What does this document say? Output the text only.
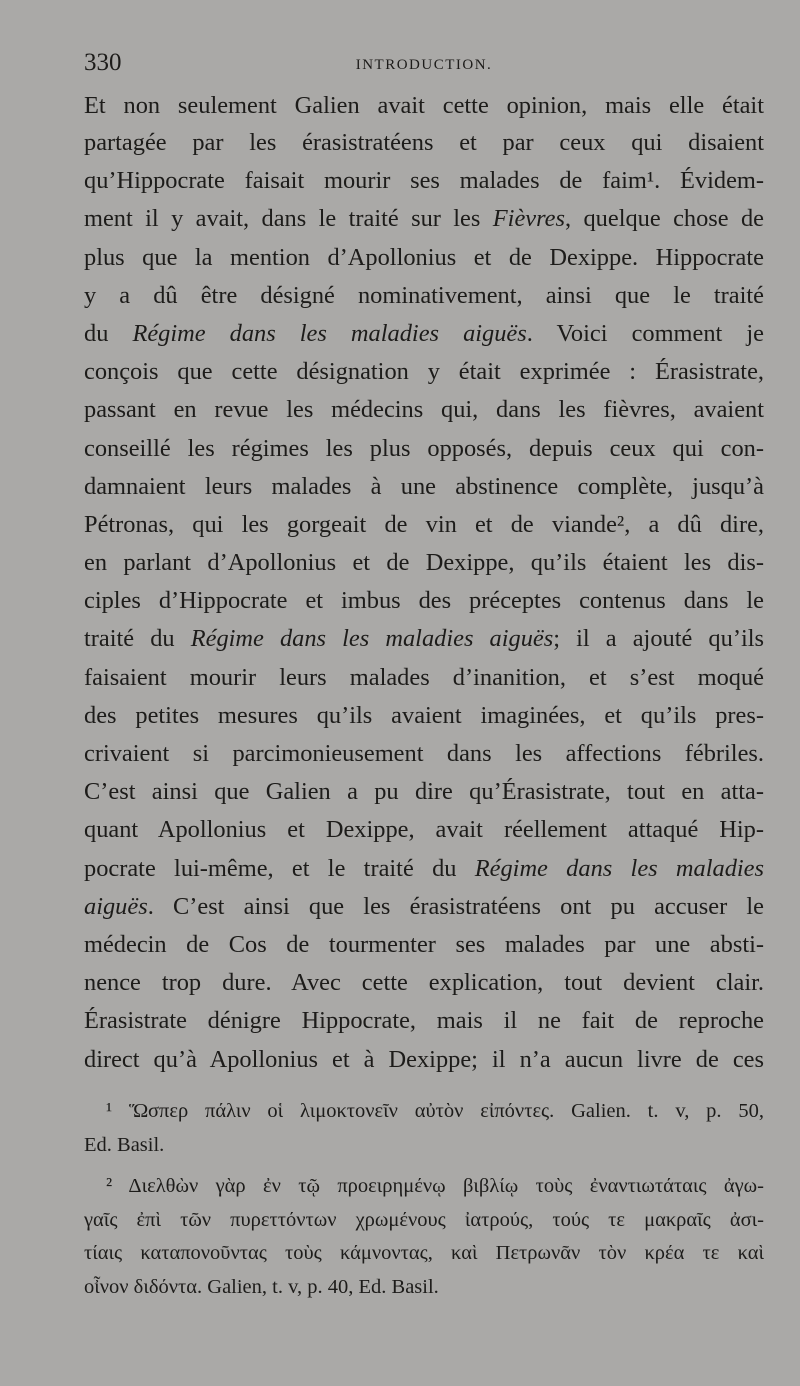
330	INTRODUCTION.
Et non seulement Galien avait cette opinion, mais elle était
partagée par les érasistratéens et par ceux qui disaient
qu’Hippocrate faisait mourir ses malades de faim¹. Évidem-
ment il y avait, dans le traité sur les Fièvres, quelque chose de
plus que la mention d’Apollonius et de Dexippe. Hippocrate
y a dû être désigné nominativement, ainsi que le traité
du Régime dans les maladies aiguës. Voici comment je
conçois que cette désignation y était exprimée : Érasistrate,
passant en revue les médecins qui, dans les fièvres, avaient
conseillé les régimes les plus opposés, depuis ceux qui con-
damnaient leurs malades à une abstinence complète, jusqu’à
Pétronas, qui les gorgeait de vin et de viande², a dû dire,
en parlant d’Apollonius et de Dexippe, qu’ils étaient les dis-
ciples d’Hippocrate et imbus des préceptes contenus dans le
traité du Régime dans les maladies aiguës; il a ajouté qu’ils
faisaient mourir leurs malades d’inanition, et s’est moqué
des petites mesures qu’ils avaient imaginées, et qu’ils pres-
crivaient si parcimonieusement dans les affections fébriles.
C’est ainsi que Galien a pu dire qu’Érasistrate, tout en atta-
quant Apollonius et Dexippe, avait réellement attaqué Hip-
pocrate lui-même, et le traité du Régime dans les maladies
aiguës. C’est ainsi que les érasistratéens ont pu accuser le
médecin de Cos de tourmenter ses malades par une absti-
nence trop dure. Avec cette explication, tout devient clair.
Érasistrate dénigre Hippocrate, mais il ne fait de reproche
direct qu’à Apollonius et à Dexippe; il n’a aucun livre de ces
¹ Ὥσπερ πάλιν οἱ λιμοκτονεῖν αὐτὸν εἰπόντες. Galien. t. v, p. 50,
Ed. Basil.
² Διελθὼν γὰρ ἐν τῷ προειρημένῳ βιβλίῳ τοὺς ἐναντιωτάταις ἀγω-
γαῖς ἐπὶ τῶν πυρεττόντων χρωμένους ἰατρούς, τούς τε μακραῖς ἀσι-
τίαις καταπονοῦντας τοὺς κάμνοντας, καὶ Πετρωνᾶν τὸν κρέα τε καὶ
οἶνον διδόντα. Galien, t. v, p. 40, Ed. Basil.
